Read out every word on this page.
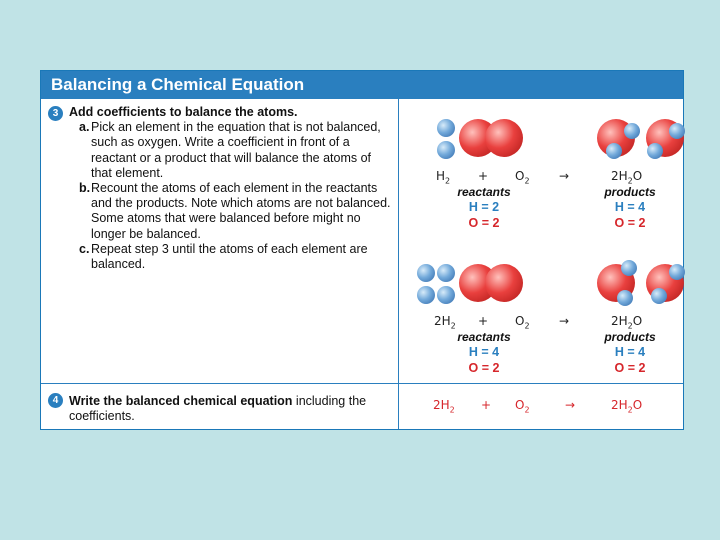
Balancing a Chemical Equation
3 Add coefficients to balance the atoms.
a. Pick an element in the equation that is not balanced, such as oxygen. Write a coefficient in front of a reactant or a product that will balance the atoms of that element.
b. Recount the atoms of each element in the reactants and the products. Note which atoms are not balanced. Some atoms that were balanced before might no longer be balanced.
c. Repeat step 3 until the atoms of each element are balanced.
$H_2 + O_2$ →	$2H_2O$
reactants	products
H = 2	H = 4
O = 2	O = 2
$2H_2 + O_2$ →	$2H_2O$
reactants	products
H = 4	H = 4
O = 2	O = 2
4 Write the balanced chemical equation including the coefficients.
$2H_2 + O_2$	→	$2H_2O$
